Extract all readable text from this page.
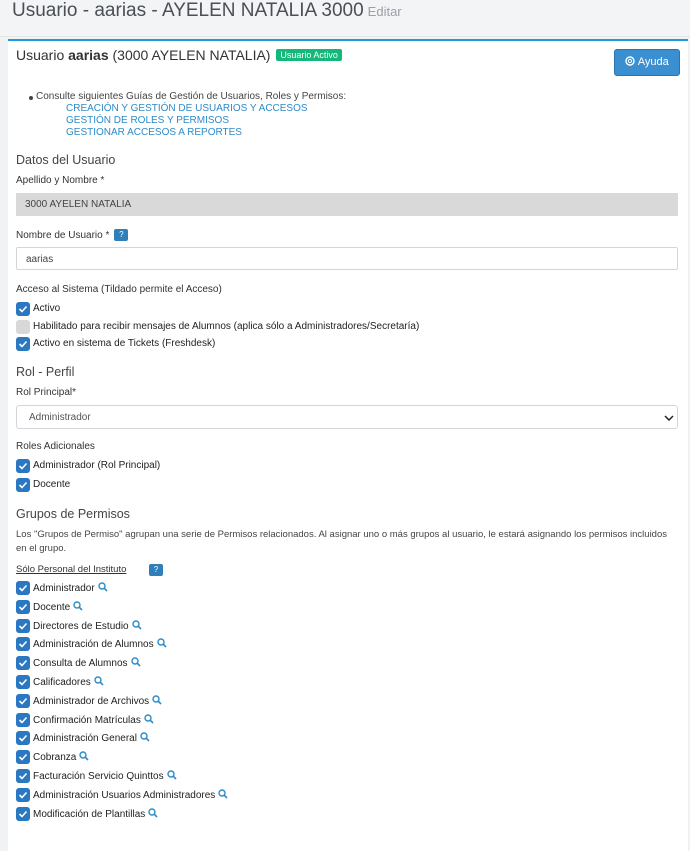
Usuario - aarias - AYELEN NATALIA 3000 Editar
Usuario aarias (3000 AYELEN NATALIA) Usuario Activo
Ayuda
Consulte siguientes Guías de Gestión de Usuarios, Roles y Permisos:
CREACIÓN Y GESTIÓN DE USUARIOS Y ACCESOS
GESTIÓN DE ROLES Y PERMISOS
GESTIONAR ACCESOS A REPORTES
Datos del Usuario
Apellido y Nombre *
3000 AYELEN NATALIA
Nombre de Usuario * ?
aarias
Acceso al Sistema (Tildado permite el Acceso)
Activo
Habilitado para recibir mensajes de Alumnos (aplica sólo a Administradores/Secretaría)
Activo en sistema de Tickets (Freshdesk)
Rol - Perfil
Rol Principal*
Administrador
Roles Adicionales
Administrador (Rol Principal)
Docente
Grupos de Permisos
Los "Grupos de Permiso" agrupan una serie de Permisos relacionados. Al asignar uno o más grupos al usuario, le estará asignando los permisos incluidos en el grupo.
Sólo Personal del Instituto	?
Administrador
Docente
Directores de Estudio
Administración de Alumnos
Consulta de Alumnos
Calificadores
Administrador de Archivos
Confirmación Matrículas
Administración General
Cobranza
Facturación Servicio Quinttos
Administración Usuarios Administradores
Modificación de Plantillas
